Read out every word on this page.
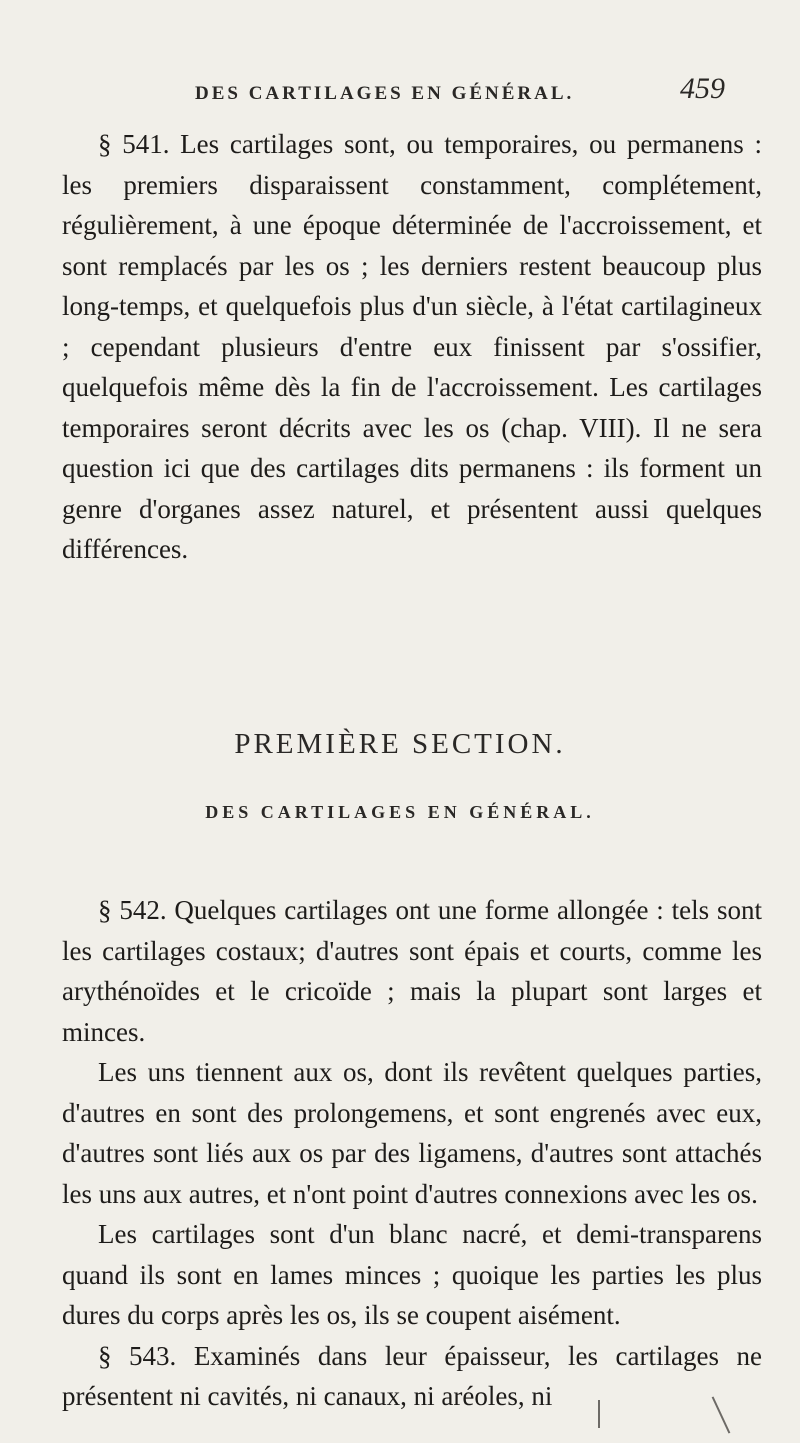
DES CARTILAGES EN GÉNÉRAL.	459

§ 541. Les cartilages sont, ou temporaires, ou permanens : les premiers disparaissent constamment, complétement, régulièrement, à une époque déterminée de l'accroissement, et sont remplacés par les os ; les derniers restent beaucoup plus long-temps, et quelquefois plus d'un siècle, à l'état cartilagineux ; cependant plusieurs d'entre eux finissent par s'ossifier, quelquefois même dès la fin de l'accroissement. Les cartilages temporaires seront décrits avec les os (chap. VIII). Il ne sera question ici que des cartilages dits permanens : ils forment un genre d'organes assez naturel, et présentent aussi quelques différences.

PREMIÈRE SECTION.
DES CARTILAGES EN GÉNÉRAL.

§ 542. Quelques cartilages ont une forme allongée : tels sont les cartilages costaux; d'autres sont épais et courts, comme les arythénoïdes et le cricoïde ; mais la plupart sont larges et minces.

Les uns tiennent aux os, dont ils revêtent quelques parties, d'autres en sont des prolongemens, et sont engrenés avec eux, d'autres sont liés aux os par des ligamens, d'autres sont attachés les uns aux autres, et n'ont point d'autres connexions avec les os.

Les cartilages sont d'un blanc nacré, et demi-transparens quand ils sont en lames minces ; quoique les parties les plus dures du corps après les os, ils se coupent aisément.

§ 543. Examinés dans leur épaisseur, les cartilages ne présentent ni cavités, ni canaux, ni aréoles, ni
